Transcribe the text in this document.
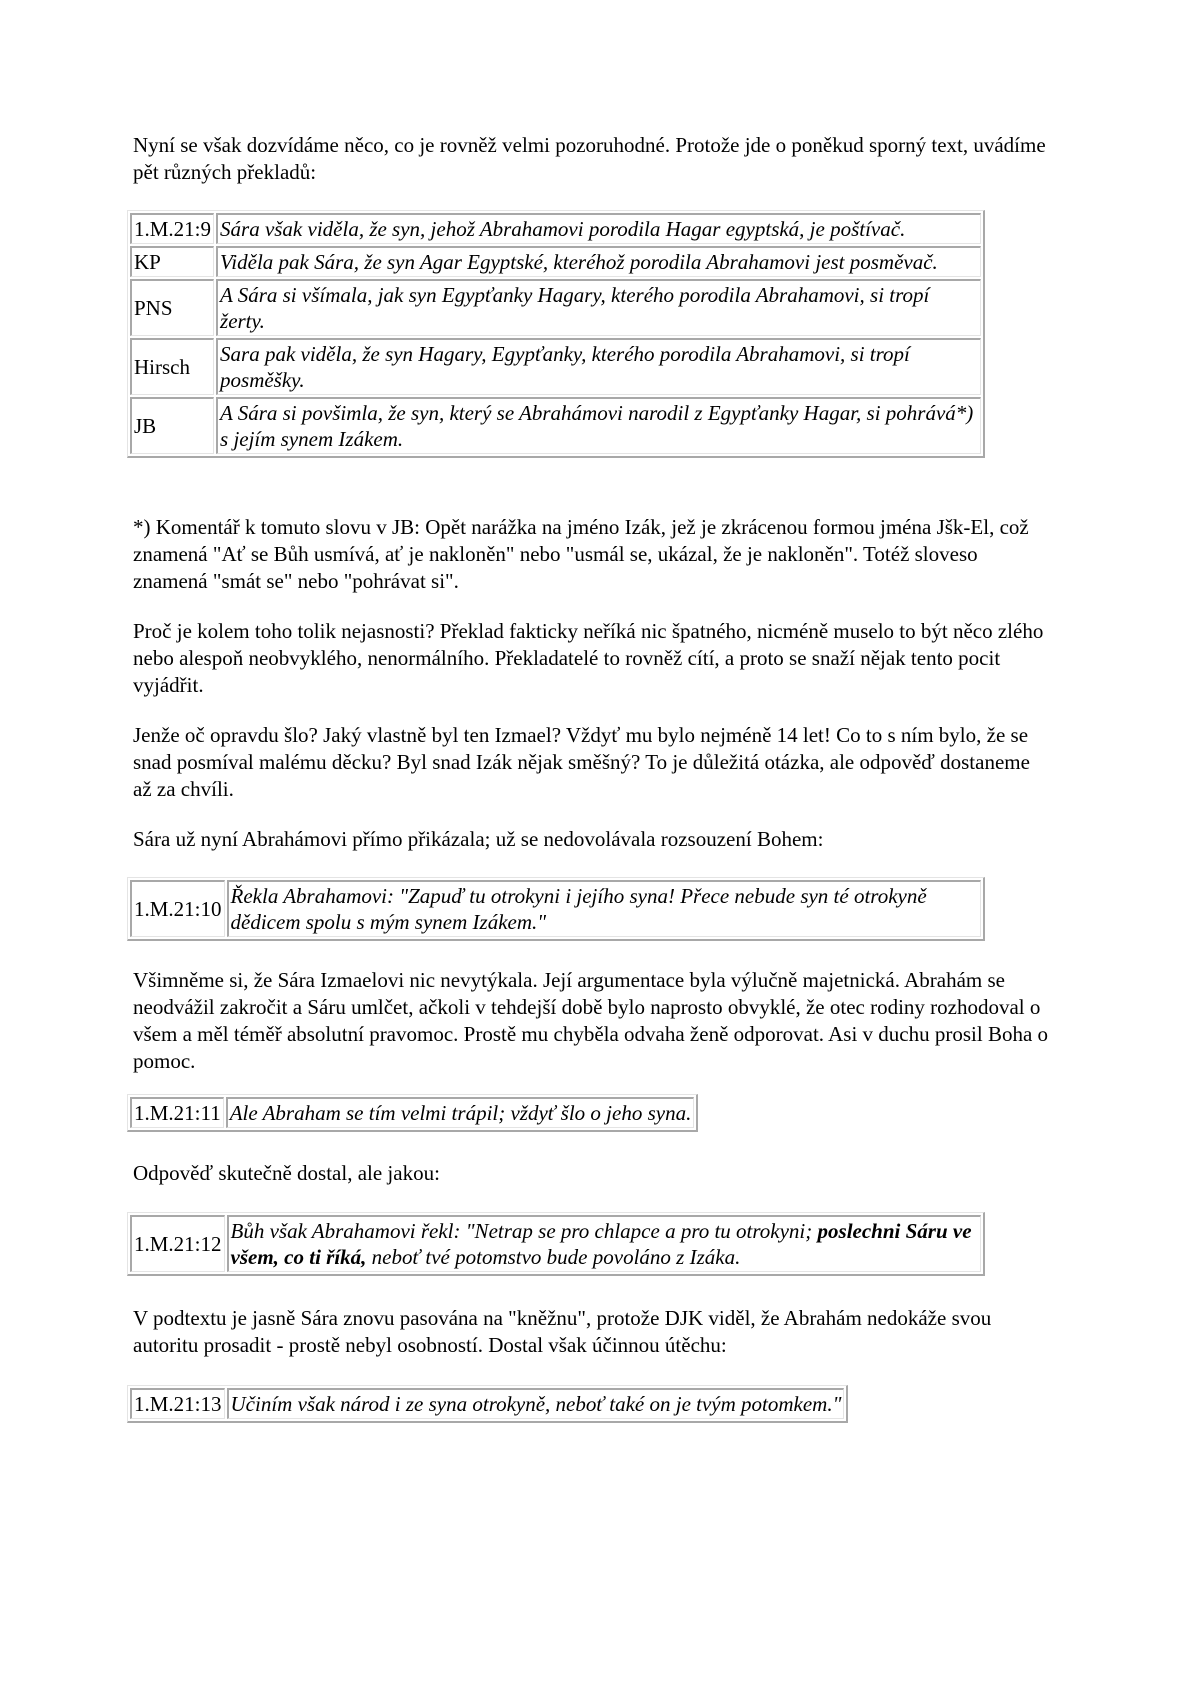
Nyní se však dozvídáme něco, co je rovněž velmi pozoruhodné. Protože jde o poněkud sporný text, uvádíme pět různých překladů:

1.M.21:9	Sára však viděla, že syn, jehož Abrahamovi porodila Hagar egyptská, je poštívač.
KP	Viděla pak Sára, že syn Agar Egyptské, kteréhož porodila Abrahamovi jest posměvač.
PNS	A Sára si všímala, jak syn Egypťanky Hagary, kterého porodila Abrahamovi, si tropí žerty.
Hirsch	Sara pak viděla, že syn Hagary, Egypťanky, kterého porodila Abrahamovi, si tropí posměšky.
JB	A Sára si povšimla, že syn, který se Abrahámovi narodil z Egypťanky Hagar, si pohrává*) s jejím synem Izákem.

*) Komentář k tomuto slovu v JB: Opět narážka na jméno Izák, jež je zkrácenou formou jména Jšk-El, což znamená "Ať se Bůh usmívá, ať je nakloněn" nebo "usmál se, ukázal, že je nakloněn". Totéž sloveso znamená "smát se" nebo "pohrávat si".

Proč je kolem toho tolik nejasnosti? Překlad fakticky neříká nic špatného, nicméně muselo to být něco zlého nebo alespoň neobvyklého, nenormálního. Překladatelé to rovněž cítí, a proto se snaží nějak tento pocit vyjádřit.

Jenže oč opravdu šlo? Jaký vlastně byl ten Izmael? Vždyť mu bylo nejméně 14 let! Co to s ním bylo, že se snad posmíval malému děcku? Byl snad Izák nějak směšný? To je důležitá otázka, ale odpověď dostaneme až za chvíli.

Sára už nyní Abrahámovi přímo přikázala; už se nedovolávala rozsouzení Bohem:

1.M.21:10	Řekla Abrahamovi: "Zapuď tu otrokyni i jejího syna! Přece nebude syn té otrokyně dědicem spolu s mým synem Izákem."

Všimněme si, že Sára Izmaelovi nic nevytýkala. Její argumentace byla výlučně majetnická. Abrahám se neodvážil zakročit a Sáru umlčet, ačkoli v tehdejší době bylo naprosto obvyklé, že otec rodiny rozhodoval o všem a měl téměř absolutní pravomoc. Prostě mu chyběla odvaha ženě odporovat. Asi v duchu prosil Boha o pomoc.

1.M.21:11	Ale Abraham se tím velmi trápil; vždyť šlo o jeho syna.

Odpověď skutečně dostal, ale jakou:

1.M.21:12	Bůh však Abrahamovi řekl: "Netrap se pro chlapce a pro tu otrokyni; poslechni Sáru ve všem, co ti říká, neboť tvé potomstvo bude povoláno z Izáka.

V podtextu je jasně Sára znovu pasována na "kněžnu", protože DJK viděl, že Abrahám nedokáže svou autoritu prosadit - prostě nebyl osobností. Dostal však účinnou útěchu:

1.M.21:13	Učiním však národ i ze syna otrokyně, neboť také on je tvým potomkem."
